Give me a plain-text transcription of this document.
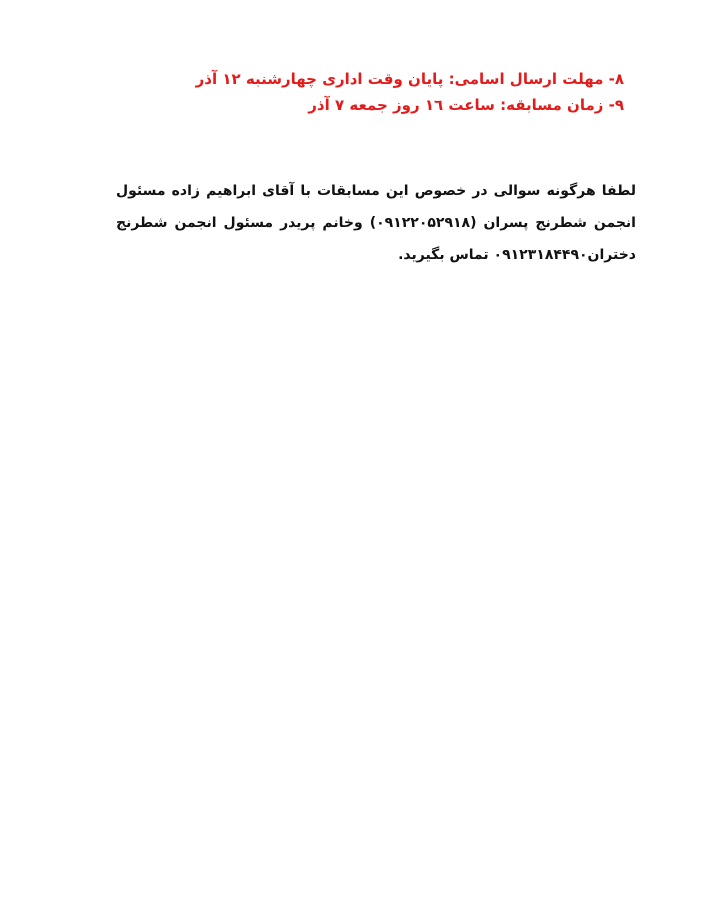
۸- مهلت ارسال اسامی: پایان وقت اداری چهارشنبه ۱۲ آذر
۹- زمان مسابقه: ساعت ۱٦ روز جمعه ۷ آذر

لطفا هرگونه سوالی در خصوص این مسابقات با آقای ابراهیم زاده مسئول انجمن شطرنج پسران (۰۹۱۲۲۰۵۲۹۱۸) وخانم پریدر مسئول انجمن شطرنج دختران۰۹۱۲۳۱۸۴۴۹۰ تماس بگیرید.
